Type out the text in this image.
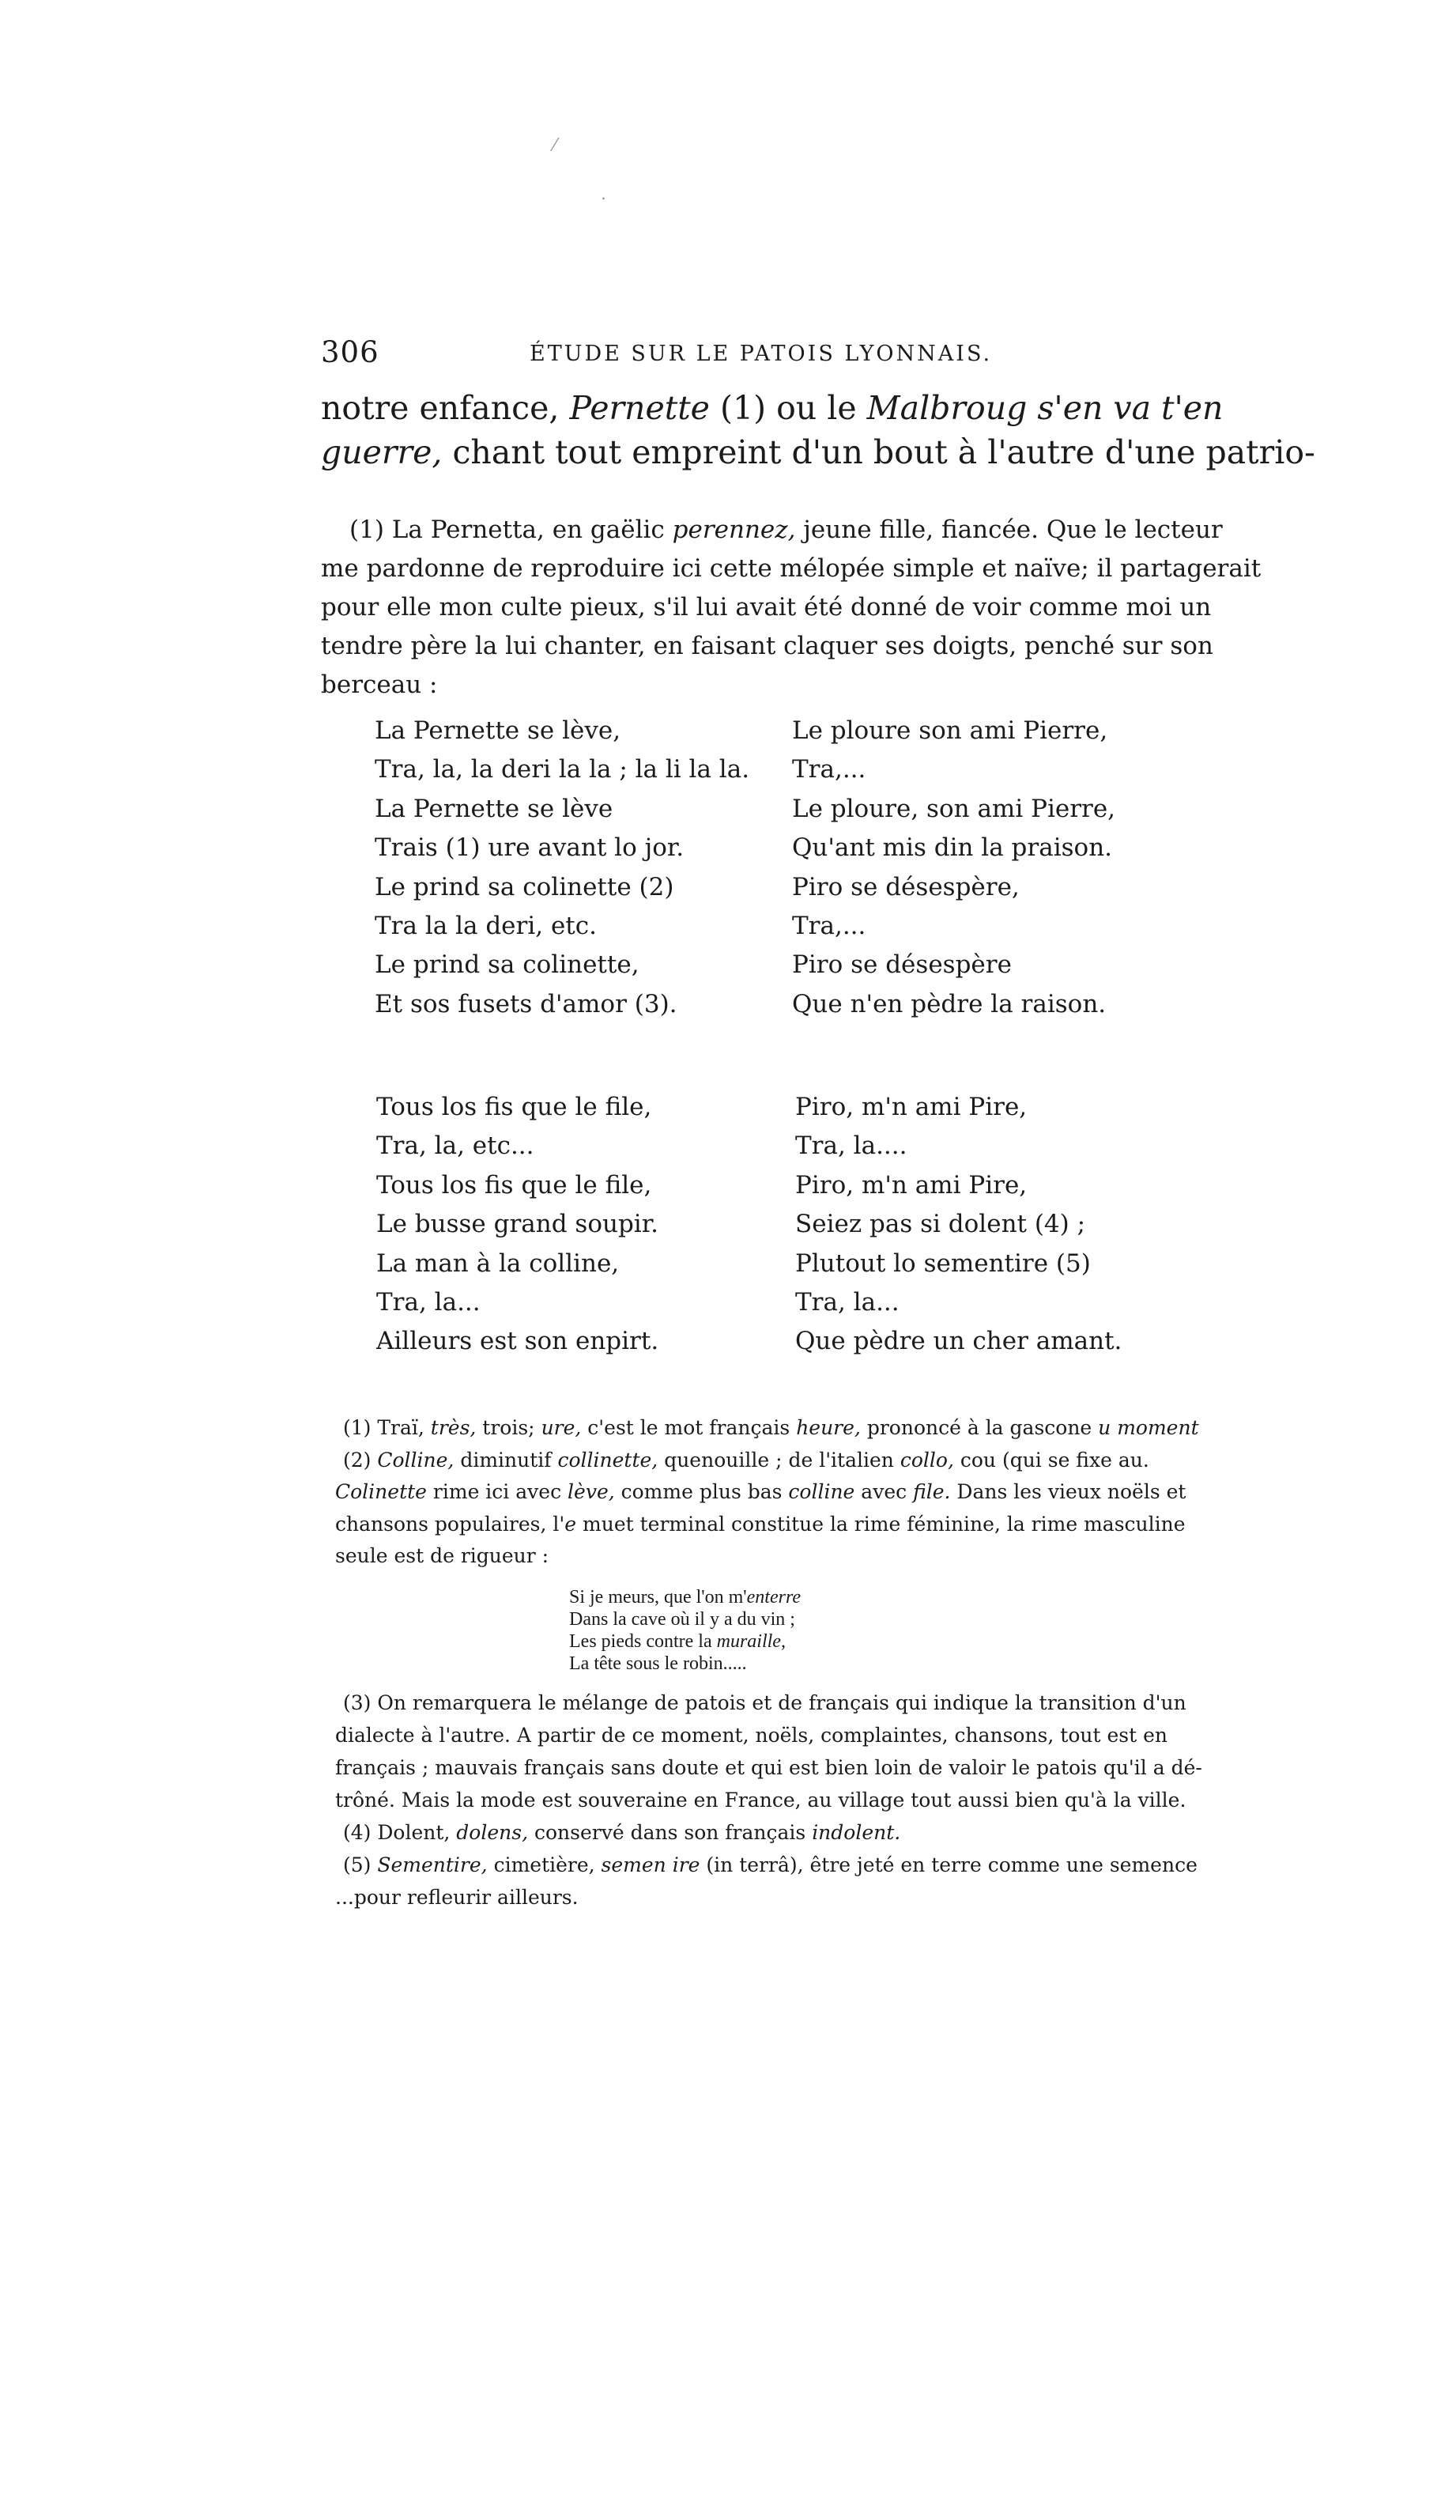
⁄
·
306	ÉTUDE SUR LE PATOIS LYONNAIS.
notre enfance, Pernette (1) ou le Malbroug s'en va t'en
guerre, chant tout empreint d'un bout à l'autre d'une patrio-
(1) La Pernetta, en gaëlic perennez, jeune fille, fiancée. Que le lecteur
me pardonne de reproduire ici cette mélopée simple et naïve; il partagerait
pour elle mon culte pieux, s'il lui avait été donné de voir comme moi un
tendre père la lui chanter, en faisant claquer ses doigts, penché sur son
berceau :
La Pernette se lève,
Tra, la, la deri la la ; la li la la.
La Pernette se lève
Trais (1) ure avant lo jor.
Le prind sa colinette (2)
Tra la la deri, etc.
Le prind sa colinette,
Et sos fusets d'amor (3).
Le ploure son ami Pierre,
Tra,...
Le ploure, son ami Pierre,
Qu'ant mis din la praison.
Piro se désespère,
Tra,...
Piro se désespère
Que n'en pèdre la raison.
Tous los fis que le file,
Tra, la, etc...
Tous los fis que le file,
Le busse grand soupir.
La man à la colline,
Tra, la...
Ailleurs est son enpirt.
Piro, m'n ami Pire,
Tra, la....
Piro, m'n ami Pire,
Seiez pas si dolent (4) ;
Plutout lo sementire (5)
Tra, la...
Que pèdre un cher amant.
(1) Traï, très, trois; ure, c'est le mot français heure, prononcé à la gascone u moment
(2) Colline, diminutif collinette, quenouille ; de l'italien collo, cou (qui se fixe au.
Colinette rime ici avec lève, comme plus bas colline avec file. Dans les vieux noëls et
chansons populaires, l'e muet terminal constitue la rime féminine, la rime masculine
seule est de rigueur :
Si je meurs, que l'on m'enterre
Dans la cave où il y a du vin ;
Les pieds contre la muraille,
La tête sous le robin.....
(3) On remarquera le mélange de patois et de français qui indique la transition d'un
dialecte à l'autre. A partir de ce moment, noëls, complaintes, chansons, tout est en
français ; mauvais français sans doute et qui est bien loin de valoir le patois qu'il a dé-
trôné. Mais la mode est souveraine en France, au village tout aussi bien qu'à la ville.
(4) Dolent, dolens, conservé dans son français indolent.
(5) Sementire, cimetière, semen ire (in terrâ), être jeté en terre comme une semence
...pour refleurir ailleurs.
